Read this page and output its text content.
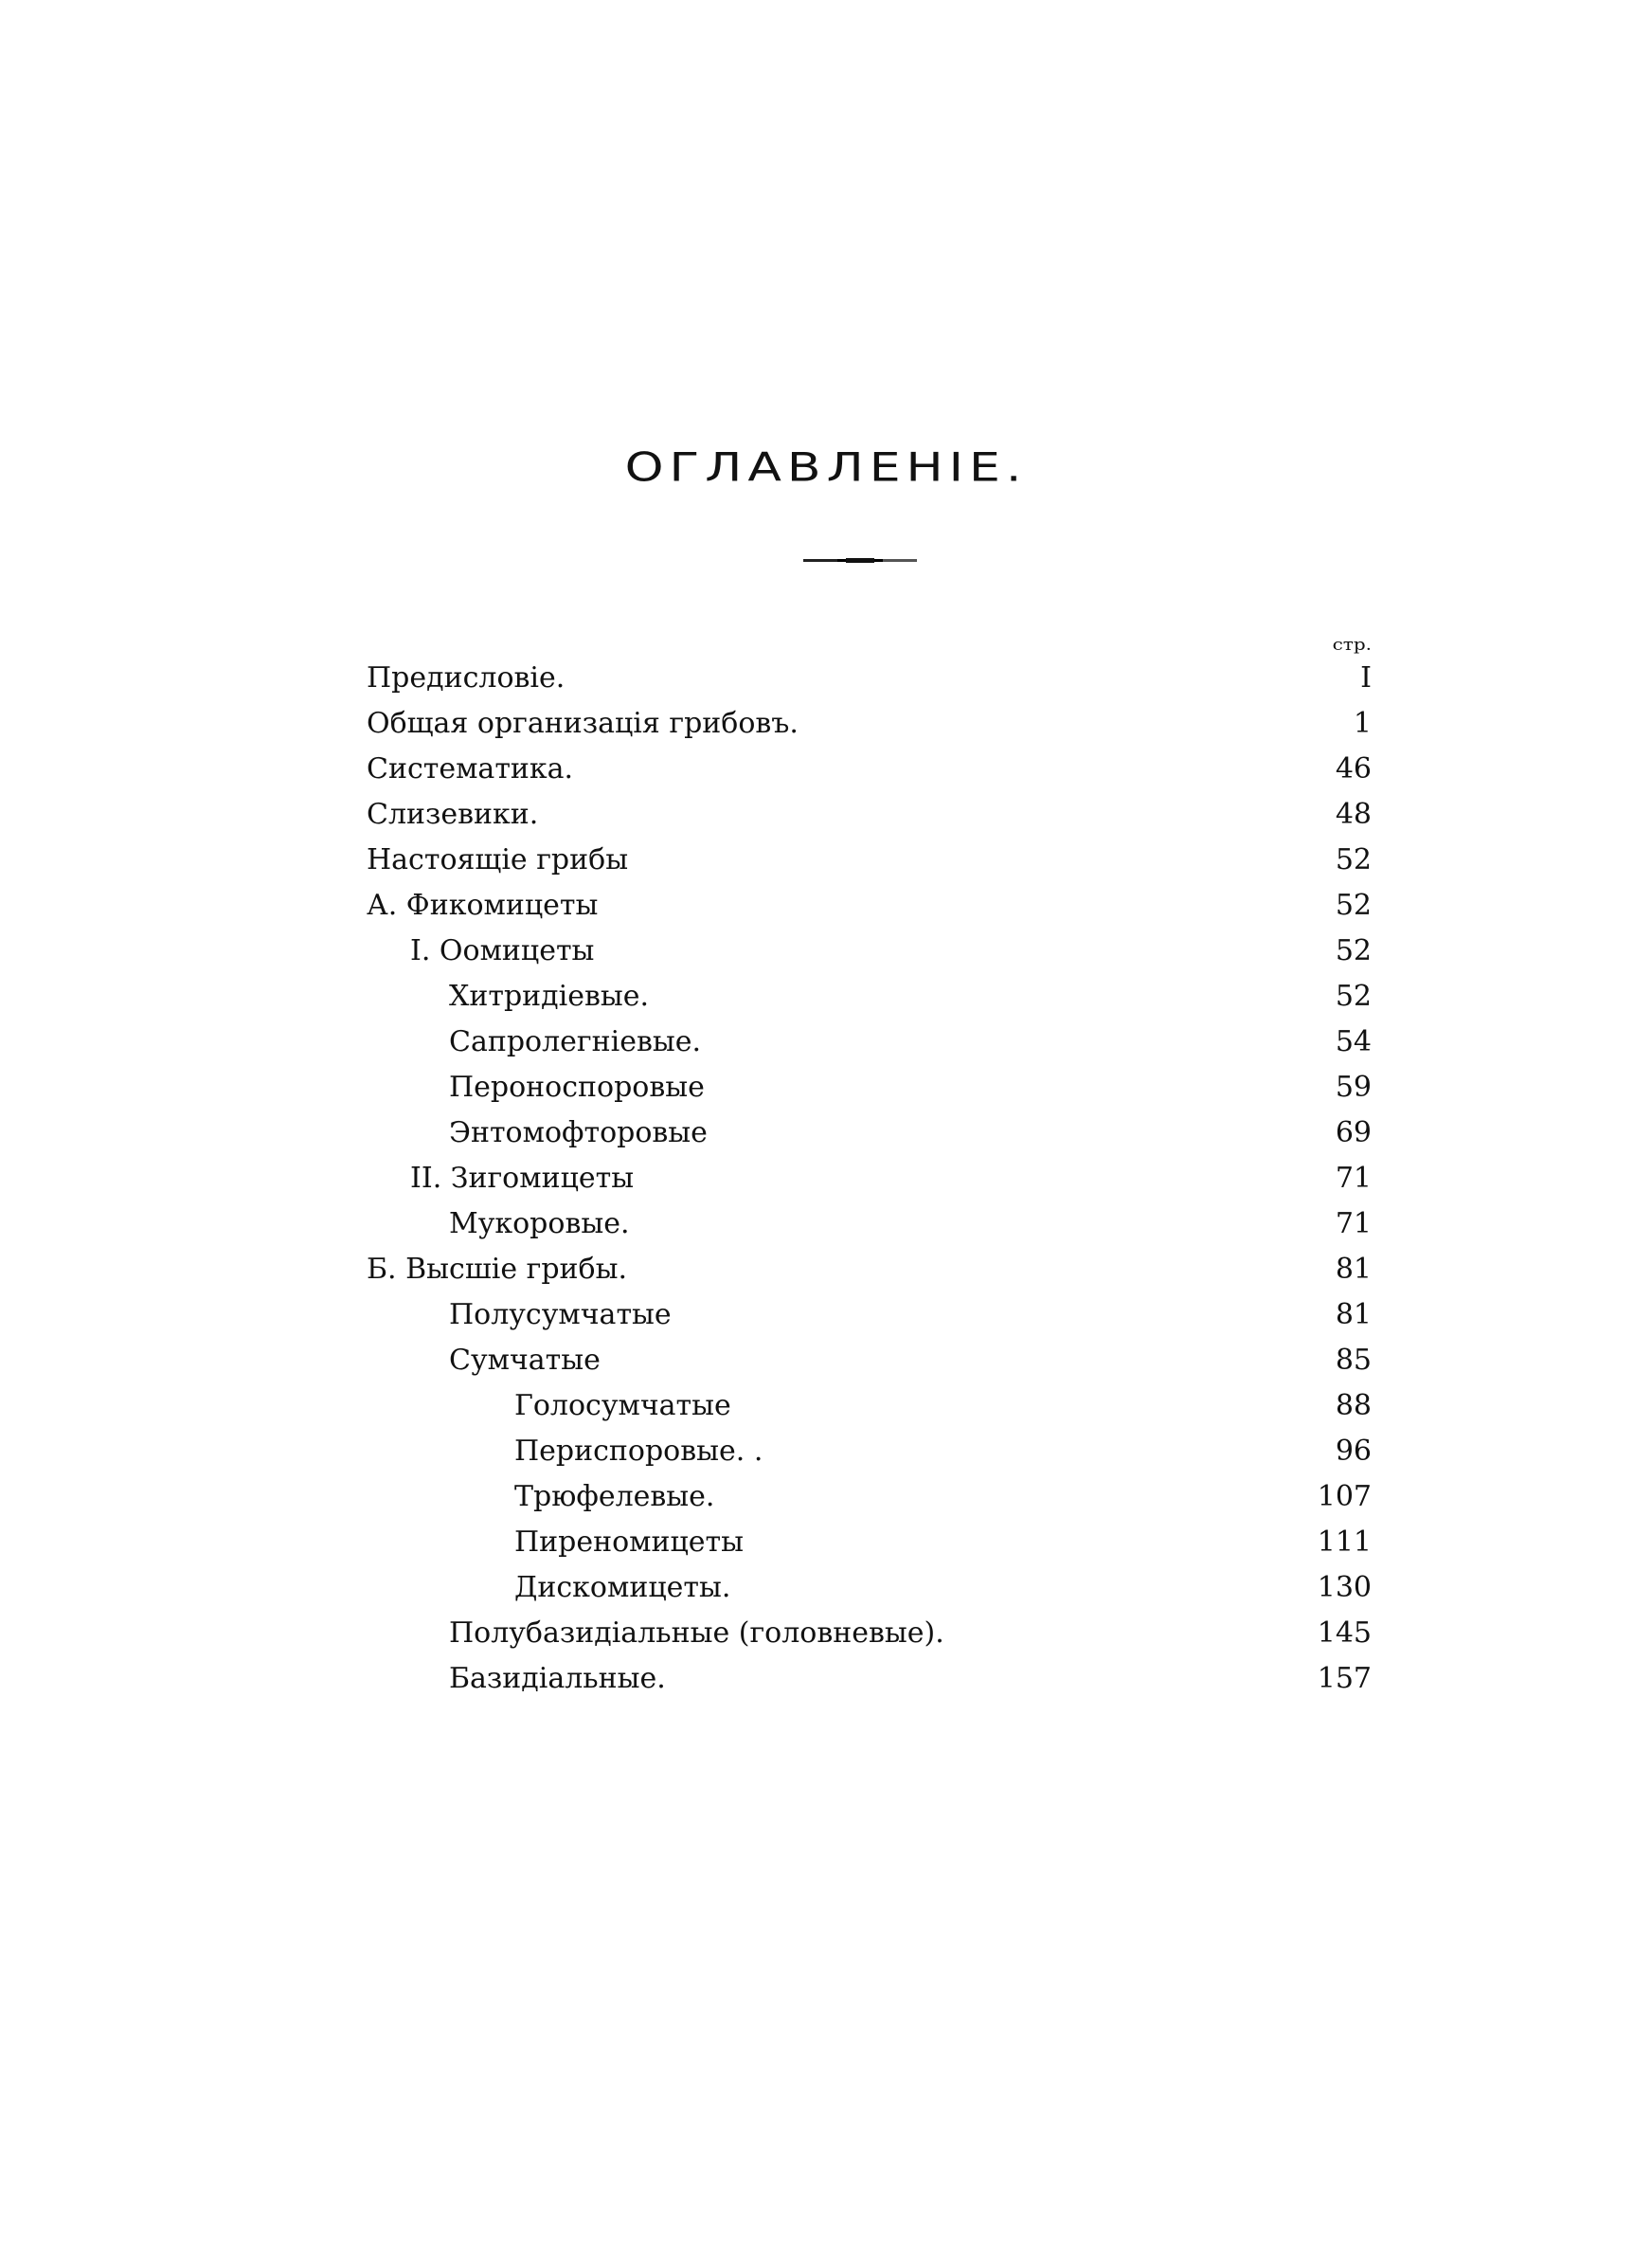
ОГЛАВЛЕНІЕ.
стр.
Предисловіе.	I
Общая организація грибовъ.	1
Систематика.	46
Слизевики.	48
Настоящіе грибы	52
А. Фикомицеты	52
I. Оомицеты	52
Хитридіевые.	52
Сапролегніевые.	54
Пероноспоровые	59
Энтомофторовые	69
II. Зигомицеты	71
Мукоровые.	71
Б. Высшіе грибы.	81
Полусумчатые	81
Сумчатые	85
Голосумчатые	88
Периспоровые. .	96
Трюфелевые.	107
Пиреномицеты	111
Дискомицеты.	130
Полубазидіальные (головневые).	145
Базидіальные.	157
